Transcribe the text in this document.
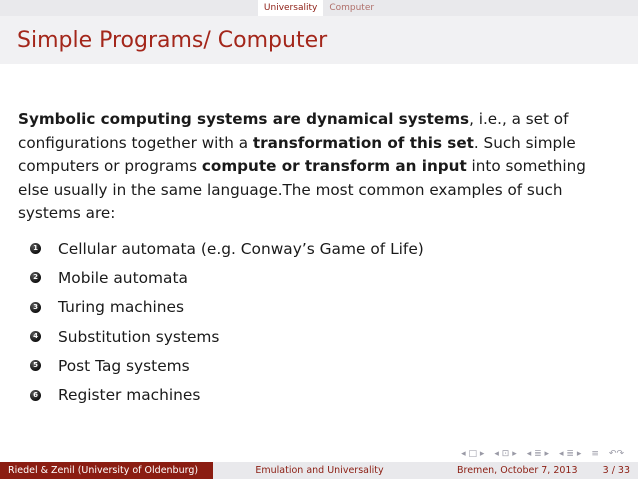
Universality	Computer
Simple Programs/ Computer
Symbolic computing systems are dynamical systems, i.e., a set of configurations together with a transformation of this set. Such simple computers or programs compute or transform an input into something else usually in the same language.The most common examples of such systems are:
1 Cellular automata (e.g. Conway’s Game of Life)
2 Mobile automata
3 Turing machines
4 Substitution systems
5 Post Tag systems
6 Register machines
◂ □ ▸ ◂ ⊡ ▸ ◂ ≣ ▸ ◂ ≣ ▸ ≡ ↶↷
Riedel & Zenil (University of Oldenburg)	Emulation and Universality	Bremen, October 7, 2013	3 / 33
